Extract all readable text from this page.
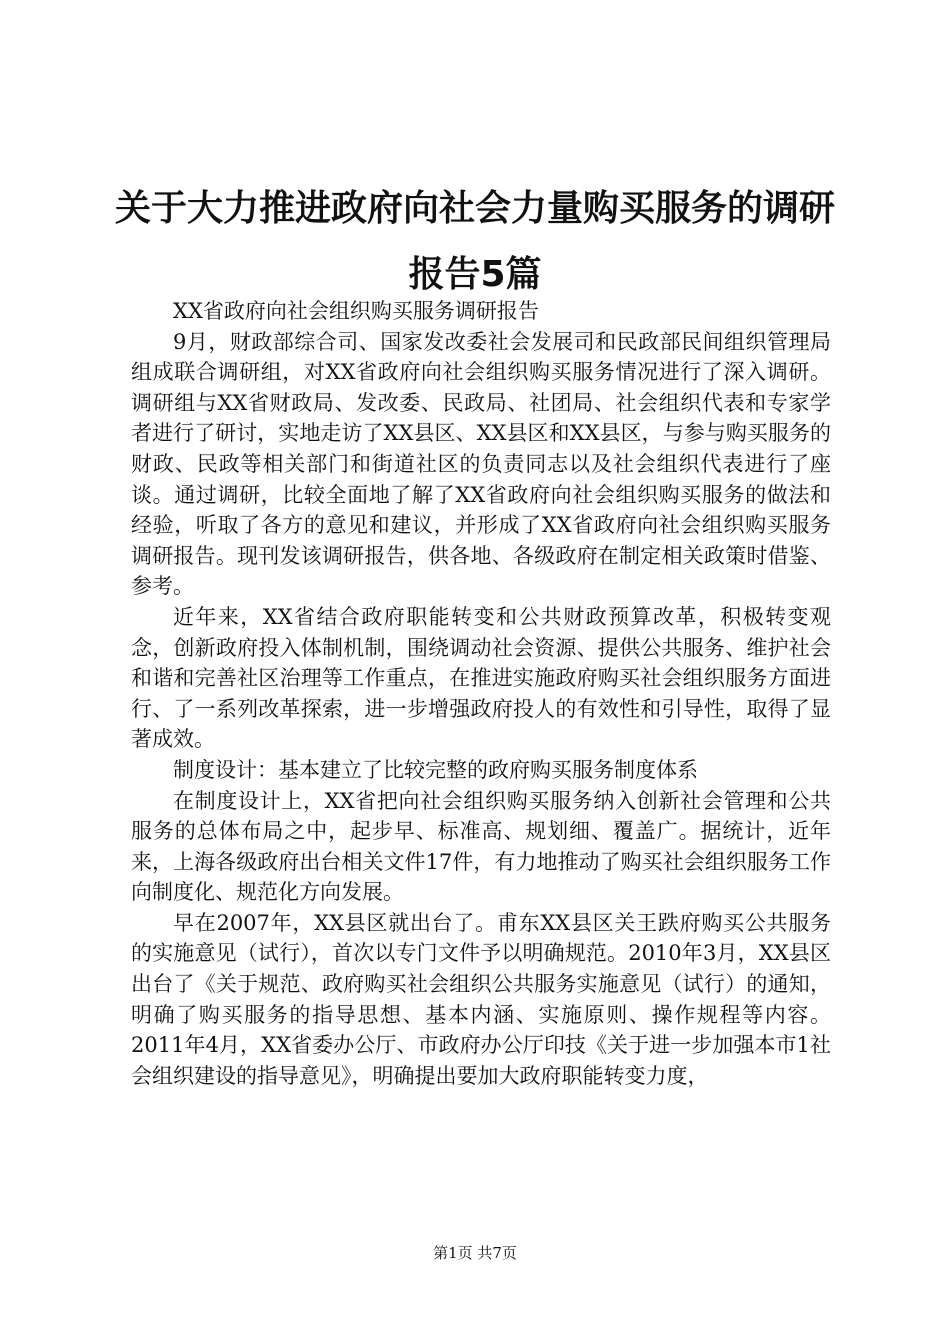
关于大力推进政府向社会力量购买服务的调研报告5篇

XX省政府向社会组织购买服务调研报告

9月，财政部综合司、国家发改委社会发展司和民政部民间组织管理局组成联合调研组，对XX省政府向社会组织购买服务情况进行了深入调研。调研组与XX省财政局、发改委、民政局、社团局、社会组织代表和专家学者进行了研讨，实地走访了XX县区、XX县区和XX县区，与参与购买服务的财政、民政等相关部门和街道社区的负责同志以及社会组织代表进行了座谈。通过调研，比较全面地了解了XX省政府向社会组织购买服务的做法和经验，听取了各方的意见和建议，并形成了XX省政府向社会组织购买服务调研报告。现刊发该调研报告，供各地、各级政府在制定相关政策时借鉴、参考。

近年来，XX省结合政府职能转变和公共财政预算改革，积极转变观念，创新政府投入体制机制，围绕调动社会资源、提供公共服务、维护社会和谐和完善社区治理等工作重点，在推进实施政府购买社会组织服务方面进行、了一系列改革探索，进一步增强政府投人的有效性和引导性，取得了显著成效。

制度设计：基本建立了比较完整的政府购买服务制度体系

在制度设计上，XX省把向社会组织购买服务纳入创新社会管理和公共服务的总体布局之中，起步早、标准高、规划细、覆盖广。据统计，近年来，上海各级政府出台相关文件17件，有力地推动了购买社会组织服务工作向制度化、规范化方向发展。

早在2007年，XX县区就出台了。甫东XX县区关王跌府购买公共服务的实施意见（试行），首次以专门文件予以明确规范。2010年3月，XX县区出台了《关于规范、政府购买社会组织公共服务实施意见（试行）的通知，明确了购买服务的指导思想、基本内涵、实施原则、操作规程等内容。2011年4月，XX省委办公厅、市政府办公厅印技《关于进一步加强本市1社会组织建设的指导意见》，明确提出要加大政府职能转变力度，

第1页 共7页
